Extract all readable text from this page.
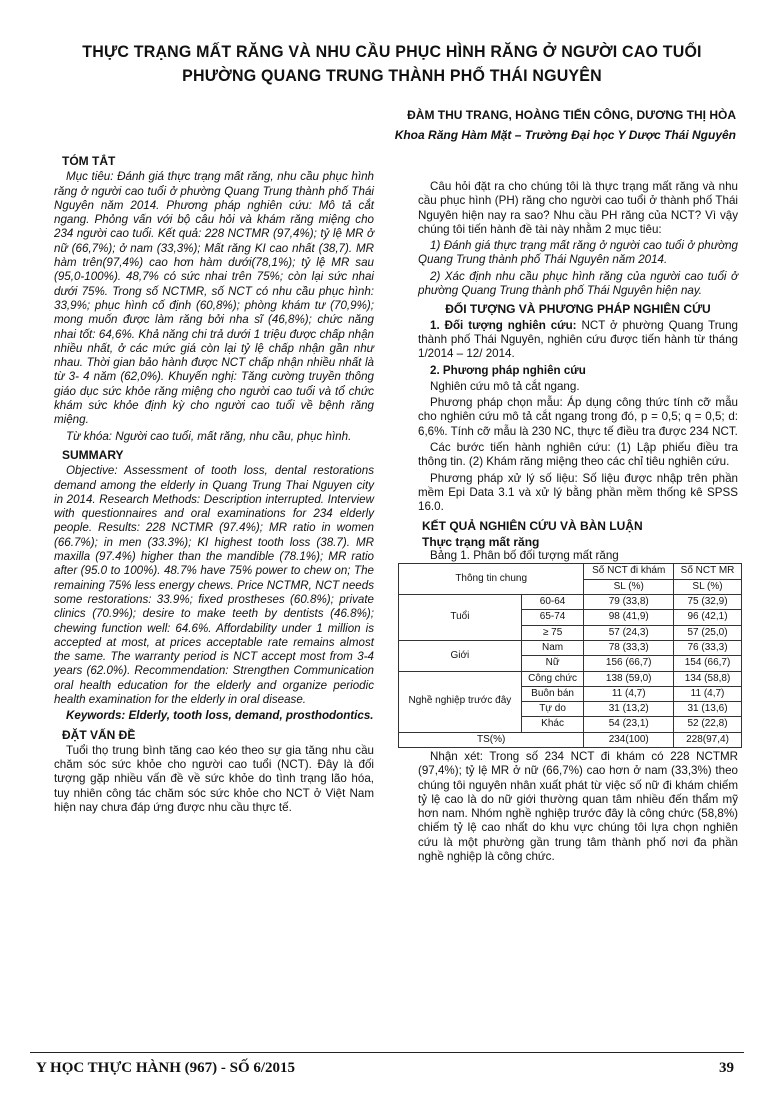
THỰC TRẠNG MẤT RĂNG VÀ NHU CẦU PHỤC HÌNH RĂNG Ở NGƯỜI CAO TUỔI
PHƯỜNG QUANG TRUNG THÀNH PHỐ THÁI NGUYÊN
ĐÀM THU TRANG, HOÀNG TIẾN CÔNG, DƯƠNG THỊ HÒA
Khoa Răng Hàm Mặt – Trường Đại học Y Dược Thái Nguyên
TÓM TẮT

Mục tiêu: Đánh giá thực trạng mất răng, nhu cầu phục hình răng ở người cao tuổi ở phường Quang Trung thành phố Thái Nguyên năm 2014. Phương pháp nghiên cứu: Mô tả cắt ngang. Phỏng vấn với bộ câu hỏi và khám răng miệng cho 234 người cao tuổi. Kết quả: 228 NCTMR (97,4%); tỷ lệ MR ở nữ (66,7%); ở nam (33,3%); Mất răng KI cao nhất (38,7). MR hàm trên(97,4%) cao hơn hàm dưới(78,1%); tỷ lệ MR sau (95,0-100%). 48,7% có sức nhai trên 75%; còn lại sức nhai dưới 75%. Trong số NCTMR, số NCT có nhu cầu phục hình: 33,9%; phục hình cố định (60,8%); phòng khám tư (70,9%); mong muốn được làm răng bởi nha sĩ (46,8%); chức năng nhai tốt: 64,6%. Khả năng chi trả dưới 1 triệu được chấp nhận nhiều nhất, ở các mức giá còn lại tỷ lệ chấp nhận gần như nhau. Thời gian bảo hành được NCT chấp nhận nhiều nhất là từ 3- 4 năm (62,0%). Khuyến nghị: Tăng cường truyền thông giáo dục sức khỏe răng miệng cho người cao tuổi và tổ chức khám sức khỏe định kỳ cho người cao tuổi về bệnh răng miệng.

Từ khóa: Người cao tuổi, mất răng, nhu cầu, phục hình.

SUMMARY

Objective: Assessment of tooth loss, dental restorations demand among the elderly in Quang Trung Thai Nguyen city in 2014. Research Methods: Description interrupted. Interview with questionnaires and oral examinations for 234 elderly people. Results: 228 NCTMR (97.4%); MR ratio in women (66.7%); in men (33.3%); KI highest tooth loss (38.7). MR maxilla (97.4%) higher than the mandible (78.1%); MR ratio after (95.0 to 100%). 48.7% have 75% power to chew on; The remaining 75% less energy chews. Price NCTMR, NCT needs some restorations: 33.9%; fixed prostheses (60.8%); private clinics (70.9%); desire to make teeth by dentists (46.8%); chewing function well: 64.6%. Affordability under 1 million is accepted at most, at prices acceptable rate remains almost the same. The warranty period is NCT accept most from 3-4 years (62.0%). Recommendation: Strengthen Communication oral health education for the elderly and organize periodic health examination for the elderly in oral disease.

Keywords: Elderly, tooth loss, demand, prosthodontics.

ĐẶT VẤN ĐỀ

Tuổi thọ trung bình tăng cao kéo theo sự gia tăng nhu cầu chăm sóc sức khỏe cho người cao tuổi (NCT). Đây là đối tượng gặp nhiều vấn đề về sức khỏe do tình trạng lão hóa, tuy nhiên công tác chăm sóc sức khỏe cho NCT ở Việt Nam hiện nay chưa đáp ứng được nhu cầu thực tế.

Câu hỏi đặt ra cho chúng tôi là thực trạng mất răng và nhu cầu phục hình (PH) răng cho người cao tuổi ở thành phố Thái Nguyên hiện nay ra sao? Nhu cầu PH răng của NCT? Vì vậy chúng tôi tiến hành đề tài này nhằm 2 mục tiêu:

1) Đánh giá thực trạng mất răng ở người cao tuổi ở phường Quang Trung thành phố Thái Nguyên năm 2014.

2) Xác định nhu cầu phục hình răng của người cao tuổi ở phường Quang Trung thành phố Thái Nguyên hiện nay.

ĐỐI TƯỢNG VÀ PHƯƠNG PHÁP NGHIÊN CỨU

1. Đối tượng nghiên cứu: NCT ở phường Quang Trung thành phố Thái Nguyên, nghiên cứu được tiến hành từ tháng 1/2014 – 12/ 2014.

2. Phương pháp nghiên cứu

Nghiên cứu mô tả cắt ngang.

Phương pháp chọn mẫu: Áp dụng công thức tính cỡ mẫu cho nghiên cứu mô tả cắt ngang trong đó, p = 0,5; q = 0,5; d: 6,6%. Tính cỡ mẫu là 230 NC, thực tế điều tra được 234 NCT.

Các bước tiến hành nghiên cứu: (1) Lập phiếu điều tra thông tin. (2) Khám răng miệng theo các chỉ tiêu nghiên cứu.

Phương pháp xử lý số liệu: Số liệu được nhập trên phần mềm Epi Data 3.1 và xử lý bằng phần mềm thống kê SPSS 16.0.

KẾT QUẢ NGHIÊN CỨU VÀ BÀN LUẬN
Thực trạng mất răng
Bảng 1. Phân bố đối tượng mất răng
Thông tin chung		Số NCT đi khám	Số NCT MR
		SL (%)	SL (%)
Tuổi	60-64	79 (33,8)	75 (32,9)
	65-74	98 (41,9)	96 (42,1)
	≥ 75	57 (24,3)	57 (25,0)
Giới	Nam	78 (33,3)	76 (33,3)
	Nữ	156 (66,7)	154 (66,7)
Nghề nghiệp trước đây	Công chức	138 (59,0)	134 (58,8)
	Buôn bán	11 (4,7)	11 (4,7)
	Tự do	31 (13,2)	31 (13,6)
	Khác	54 (23,1)	52 (22,8)
TS(%)		234(100)	228(97,4)

Nhận xét: Trong số 234 NCT đi khám có 228 NCTMR (97,4%); tỷ lệ MR ở nữ (66,7%) cao hơn ở nam (33,3%) theo chúng tôi nguyên nhân xuất phát từ việc số nữ đi khám chiếm tỷ lệ cao là do nữ giới thường quan tâm nhiều đến thẩm mỹ hơn nam. Nhóm nghề nghiệp trước đây là công chức (58,8%) chiếm tỷ lệ cao nhất do khu vực chúng tôi lựa chọn nghiên cứu là một phường gần trung tâm thành phố nơi đa phần nghề nghiệp là công chức.

Y HỌC THỰC HÀNH (967) - SỐ 6/2015	39
